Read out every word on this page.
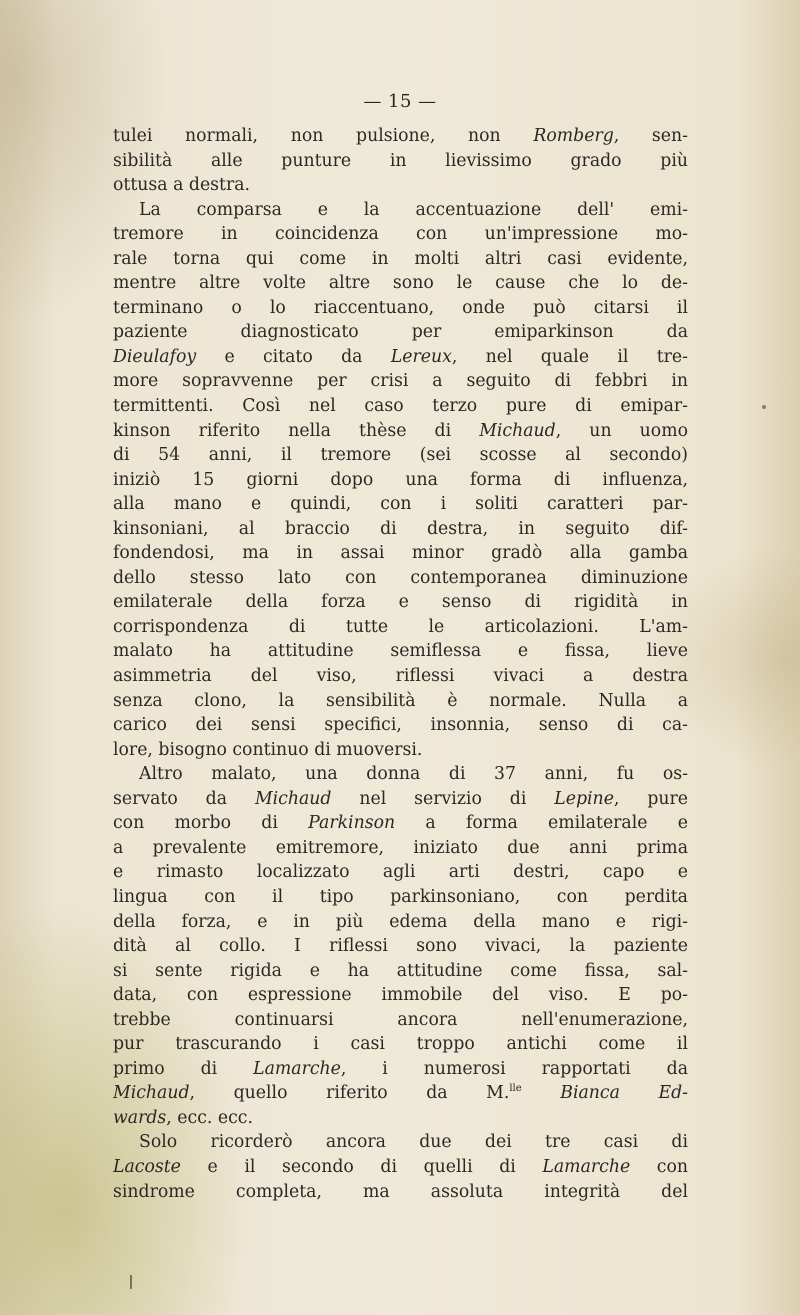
— 15 —
tulei normali, non pulsione, non Romberg, sen-
sibilità alle punture in lievissimo grado più
ottusa a destra.
La comparsa e la accentuazione dell' emi-
tremore in coincidenza con un'impressione mo-
rale torna qui come in molti altri casi evidente,
mentre altre volte altre sono le cause che lo de-
terminano o lo riaccentuano, onde può citarsi il
paziente diagnosticato per emiparkinson da
Dieulafoy e citato da Lereux, nel quale il tre-
more sopravvenne per crisi a seguito di febbri in
termittenti. Così nel caso terzo pure di emipar-
kinson riferito nella thèse di Michaud, un uomo
di 54 anni, il tremore (sei scosse al secondo)
iniziò 15 giorni dopo una forma di influenza,
alla mano e quindi, con i soliti caratteri par-
kinsoniani, al braccio di destra, in seguito dif-
fondendosi, ma in assai minor gradò alla gamba
dello stesso lato con contemporanea diminuzione
emilaterale della forza e senso di rigidità in
corrispondenza di tutte le articolazioni. L'am-
malato ha attitudine semiflessa e fissa, lieve
asimmetria del viso, riflessi vivaci a destra
senza clono, la sensibilità è normale. Nulla a
carico dei sensi specifici, insonnia, senso di ca-
lore, bisogno continuo di muoversi.
Altro malato, una donna di 37 anni, fu os-
servato da Michaud nel servizio di Lepine, pure
con morbo di Parkinson a forma emilaterale e
a prevalente emitremore, iniziato due anni prima
e rimasto localizzato agli arti destri, capo e
lingua con il tipo parkinsoniano, con perdita
della forza, e in più edema della mano e rigi-
dità al collo. I riflessi sono vivaci, la paziente
si sente rigida e ha attitudine come fissa, sal-
data, con espressione immobile del viso. E po-
trebbe continuarsi ancora nell'enumerazione,
pur trascurando i casi troppo antichi come il
primo di Lamarche, i numerosi rapportati da
Michaud, quello riferito da M.$^{lle}$ Bianca Ed-
wards, ecc. ecc.
Solo ricorderò ancora due dei tre casi di
Lacoste e il secondo di quelli di Lamarche con
sindrome completa, ma assoluta integrità del
